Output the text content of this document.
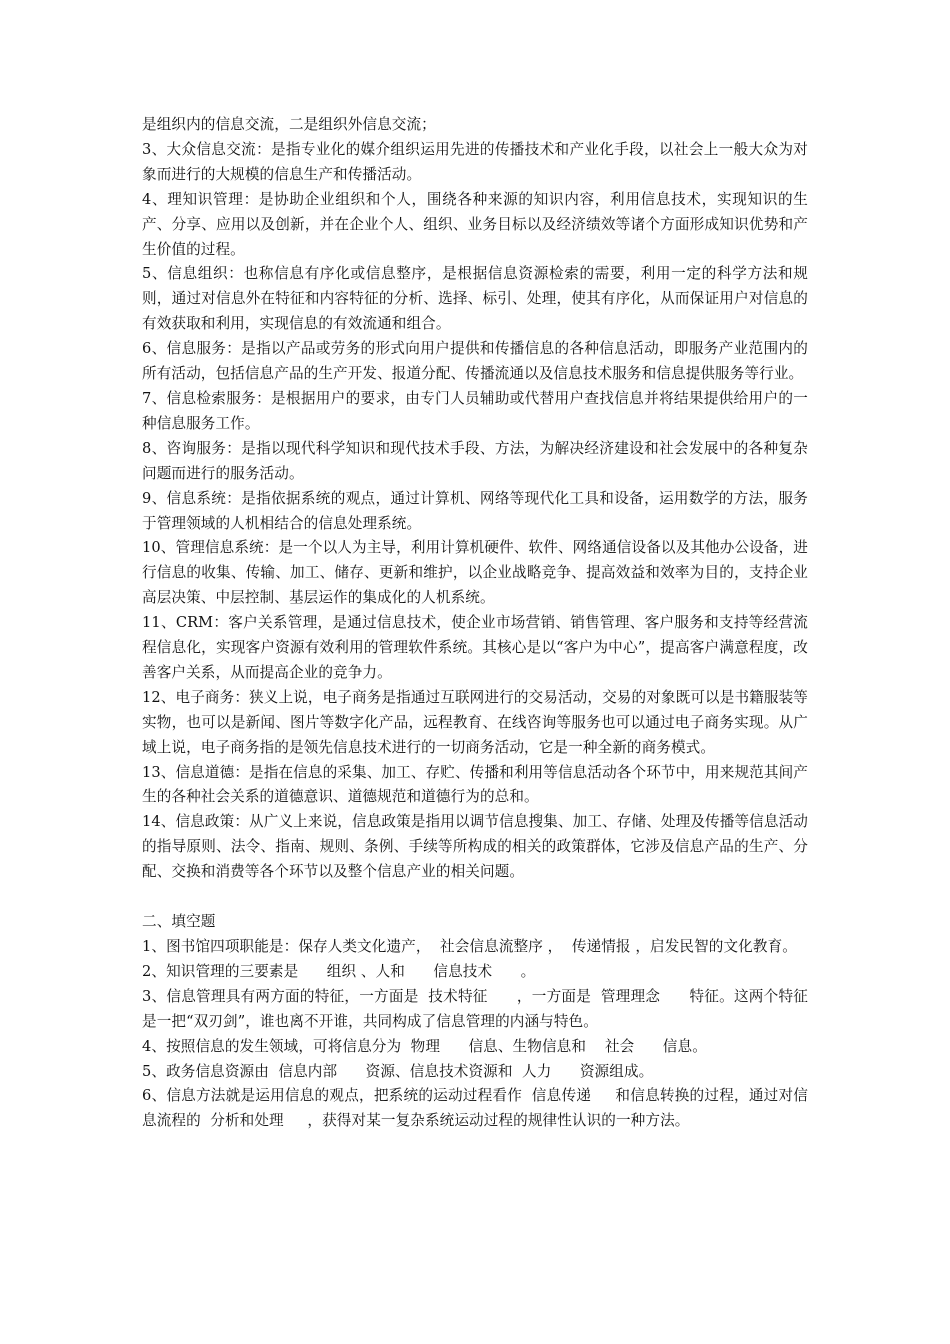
是组织内的信息交流，二是组织外信息交流；

3、大众信息交流：是指专业化的媒介组织运用先进的传播技术和产业化手段，以社会上一般大众为对象而进行的大规模的信息生产和传播活动。

4、理知识管理：是协助企业组织和个人，围绕各种来源的知识内容，利用信息技术，实现知识的生产、分享、应用以及创新，并在企业个人、组织、业务目标以及经济绩效等诸个方面形成知识优势和产生价值的过程。

5、信息组织：也称信息有序化或信息整序，是根据信息资源检索的需要，利用一定的科学方法和规则，通过对信息外在特征和内容特征的分析、选择、标引、处理，使其有序化，从而保证用户对信息的有效获取和利用，实现信息的有效流通和组合。

6、信息服务：是指以产品或劳务的形式向用户提供和传播信息的各种信息活动，即服务产业范围内的所有活动，包括信息产品的生产开发、报道分配、传播流通以及信息技术服务和信息提供服务等行业。

7、信息检索服务：是根据用户的要求，由专门人员辅助或代替用户查找信息并将结果提供给用户的一种信息服务工作。

8、咨询服务：是指以现代科学知识和现代技术手段、方法，为解决经济建设和社会发展中的各种复杂问题而进行的服务活动。

9、信息系统：是指依据系统的观点，通过计算机、网络等现代化工具和设备，运用数学的方法，服务于管理领域的人机相结合的信息处理系统。

10、管理信息系统：是一个以人为主导，利用计算机硬件、软件、网络通信设备以及其他办公设备，进行信息的收集、传输、加工、储存、更新和维护，以企业战略竞争、提高效益和效率为目的，支持企业高层决策、中层控制、基层运作的集成化的人机系统。

11、CRM：客户关系管理，是通过信息技术，使企业市场营销、销售管理、客户服务和支持等经营流程信息化，实现客户资源有效利用的管理软件系统。其核心是以“客户为中心”，提高客户满意程度，改善客户关系，从而提高企业的竞争力。

12、电子商务：狭义上说，电子商务是指通过互联网进行的交易活动，交易的对象既可以是书籍服装等实物，也可以是新闻、图片等数字化产品，远程教育、在线咨询等服务也可以通过电子商务实现。从广域上说，电子商务指的是领先信息技术进行的一切商务活动，它是一种全新的商务模式。

13、信息道德：是指在信息的采集、加工、存贮、传播和利用等信息活动各个环节中，用来规范其间产生的各种社会关系的道德意识、道德规范和道德行为的总和。

14、信息政策：从广义上来说，信息政策是指用以调节信息搜集、加工、存储、处理及传播等信息活动的指导原则、法令、指南、规则、条例、手续等所构成的相关的政策群体，它涉及信息产品的生产、分配、交换和消费等各个环节以及整个信息产业的相关问题。

二、填空题

1、图书馆四项职能是：保存人类文化遗产，  社会信息流整序 ，  传递情报 ，启发民智的文化教育。

2、知识管理的三要素是      组织 、人和      信息技术      。

3、信息管理具有两方面的特征，一方面是  技术特征      ，一方面是  管理理念      特征。这两个特征是一把“双刃剑”，谁也离不开谁，共同构成了信息管理的内涵与特色。

4、按照信息的发生领域，可将信息分为  物理      信息、生物信息和    社会      信息。

5、政务信息资源由  信息内部      资源、信息技术资源和  人力      资源组成。

6、信息方法就是运用信息的观点，把系统的运动过程看作  信息传递     和信息转换的过程，通过对信息流程的  分析和处理     ，获得对某一复杂系统运动过程的规律性认识的一种方法。
